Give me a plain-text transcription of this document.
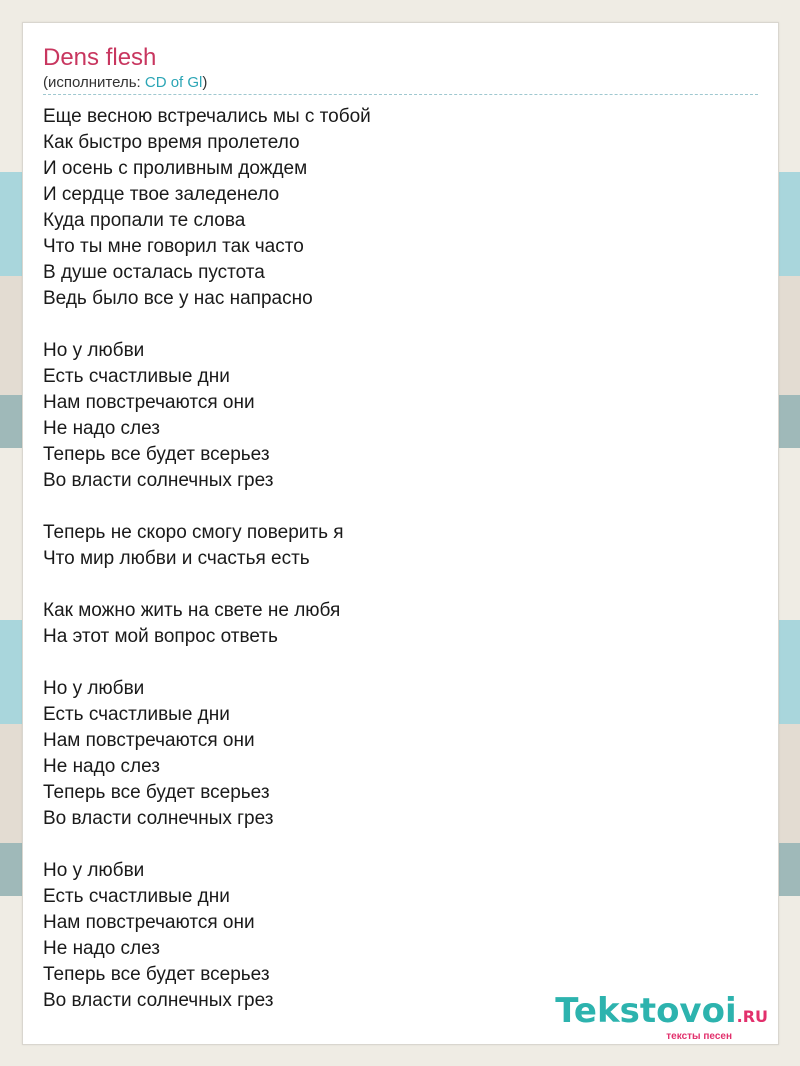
Dens flesh
(исполнитель: CD of Gl)
Еще весною встречались мы с тобой
Как быстро время пролетело
И осень с проливным дождем
И сердце твое заледенело
Куда пропали те слова
Что ты мне говорил так часто
В душе осталась пустота
Ведь было все у нас напрасно
Но у любви
Есть счастливые дни
Нам повстречаются они
Не надо слез
Теперь все будет всерьез
Во власти солнечных грез
Теперь не скоро смогу поверить я
Что мир любви и счастья есть
Как можно жить на свете не любя
На этот мой вопрос ответь
Но у любви
Есть счастливые дни
Нам повстречаются они
Не надо слез
Теперь все будет всерьез
Во власти солнечных грез
Но у любви
Есть счастливые дни
Нам повстречаются они
Не надо слез
Теперь все будет всерьез
Во власти солнечных грез	Tekstovoi.RU
тексты песен
